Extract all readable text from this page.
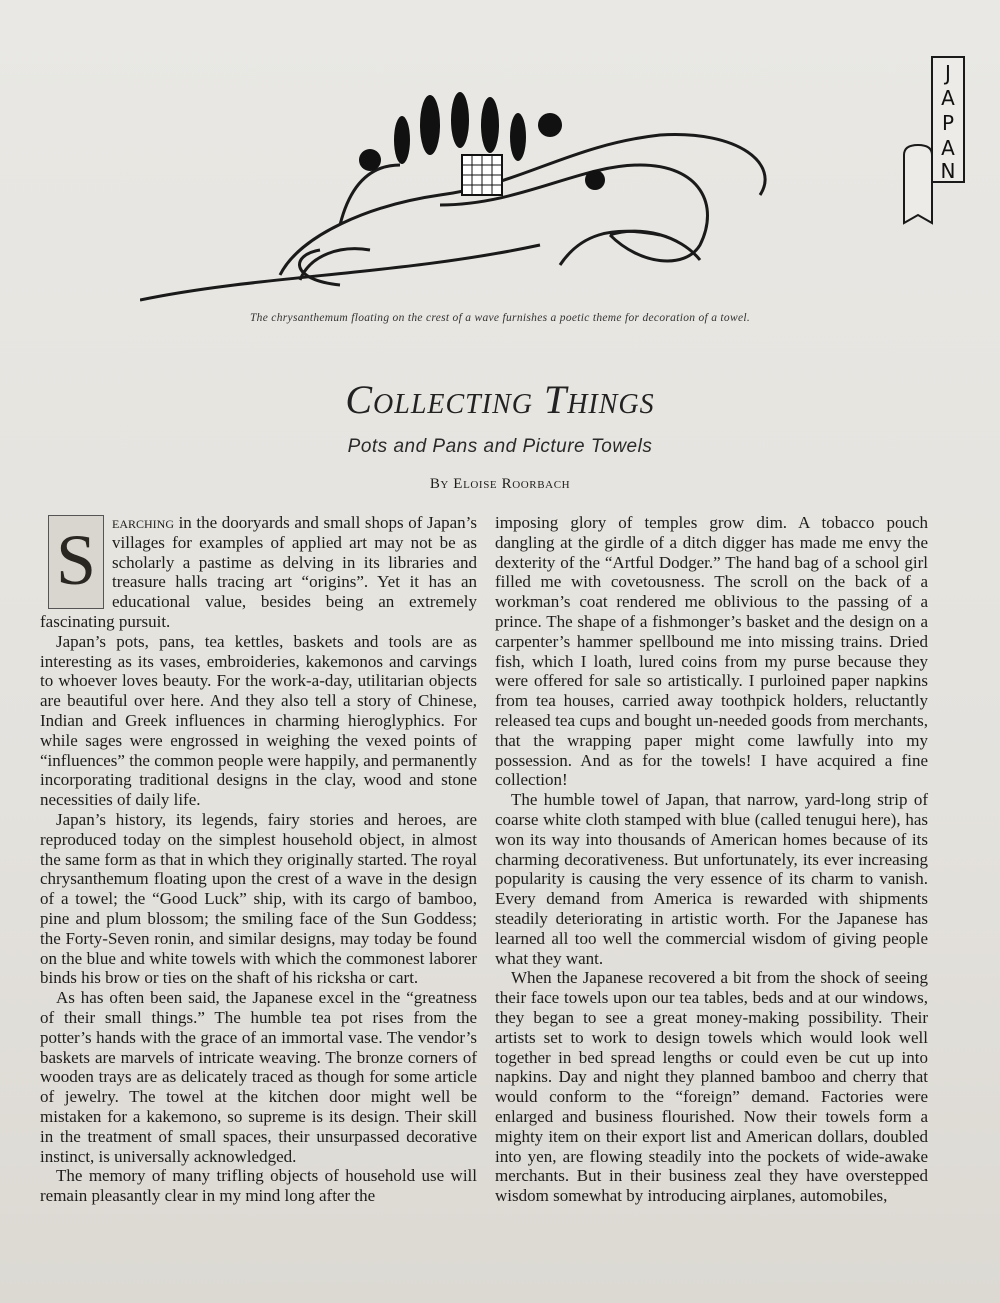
J
A
P
A
N
The chrysanthemum floating on the crest of a wave furnishes a poetic theme for decoration of a towel.
Collecting Things
Pots and Pans and Picture Towels
By Eloise Roorbach

S earching in the dooryards and small shops of Japan’s villages for examples of applied art may not be as scholarly a pastime as delving in its libraries and treasure halls tracing art “origins”. Yet it has an educational value, besides being an extremely fascinating pursuit.

Japan’s pots, pans, tea kettles, baskets and tools are as interesting as its vases, embroideries, kakemonos and carvings to whoever loves beauty. For the work-a-day, utilitarian objects are beautiful over here. And they also tell a story of Chinese, Indian and Greek influences in charming hieroglyphics. For while sages were engrossed in weighing the vexed points of “influences” the common people were happily, and permanently incorporating traditional designs in the clay, wood and stone necessities of daily life.

Japan’s history, its legends, fairy stories and heroes, are reproduced today on the simplest household object, in almost the same form as that in which they originally started. The royal chrysanthemum floating upon the crest of a wave in the design of a towel; the “Good Luck” ship, with its cargo of bamboo, pine and plum blossom; the smiling face of the Sun Goddess; the Forty-Seven ronin, and similar designs, may today be found on the blue and white towels with which the commonest laborer binds his brow or ties on the shaft of his ricksha or cart.

As has often been said, the Japanese excel in the “greatness of their small things.” The humble tea pot rises from the potter’s hands with the grace of an immortal vase. The vendor’s baskets are marvels of intricate weaving. The bronze corners of wooden trays are as delicately traced as though for some article of jewelry. The towel at the kitchen door might well be mistaken for a kakemono, so supreme is its design. Their skill in the treatment of small spaces, their unsurpassed decorative instinct, is universally acknowledged.

The memory of many trifling objects of household use will remain pleasantly clear in my mind long after the

imposing glory of temples grow dim. A tobacco pouch dangling at the girdle of a ditch digger has made me envy the dexterity of the “Artful Dodger.” The hand bag of a school girl filled me with covetousness. The scroll on the back of a workman’s coat rendered me oblivious to the passing of a prince. The shape of a fishmonger’s basket and the design on a carpenter’s hammer spellbound me into missing trains. Dried fish, which I loath, lured coins from my purse because they were offered for sale so artistically. I purloined paper napkins from tea houses, carried away toothpick holders, reluctantly released tea cups and bought un-needed goods from merchants, that the wrapping paper might come lawfully into my possession. And as for the towels! I have acquired a fine collection!

The humble towel of Japan, that narrow, yard-long strip of coarse white cloth stamped with blue (called tenugui here), has won its way into thousands of American homes because of its charming decorativeness. But unfortunately, its ever increasing popularity is causing the very essence of its charm to vanish. Every demand from America is rewarded with shipments steadily deteriorating in artistic worth. For the Japanese has learned all too well the commercial wisdom of giving people what they want.

When the Japanese recovered a bit from the shock of seeing their face towels upon our tea tables, beds and at our windows, they began to see a great money-making possibility. Their artists set to work to design towels which would look well together in bed spread lengths or could even be cut up into napkins. Day and night they planned bamboo and cherry that would conform to the “foreign” demand. Factories were enlarged and business flourished. Now their towels form a mighty item on their export list and American dollars, doubled into yen, are flowing steadily into the pockets of wide-awake merchants. But in their business zeal they have overstepped wisdom somewhat by introducing airplanes, automobiles,
